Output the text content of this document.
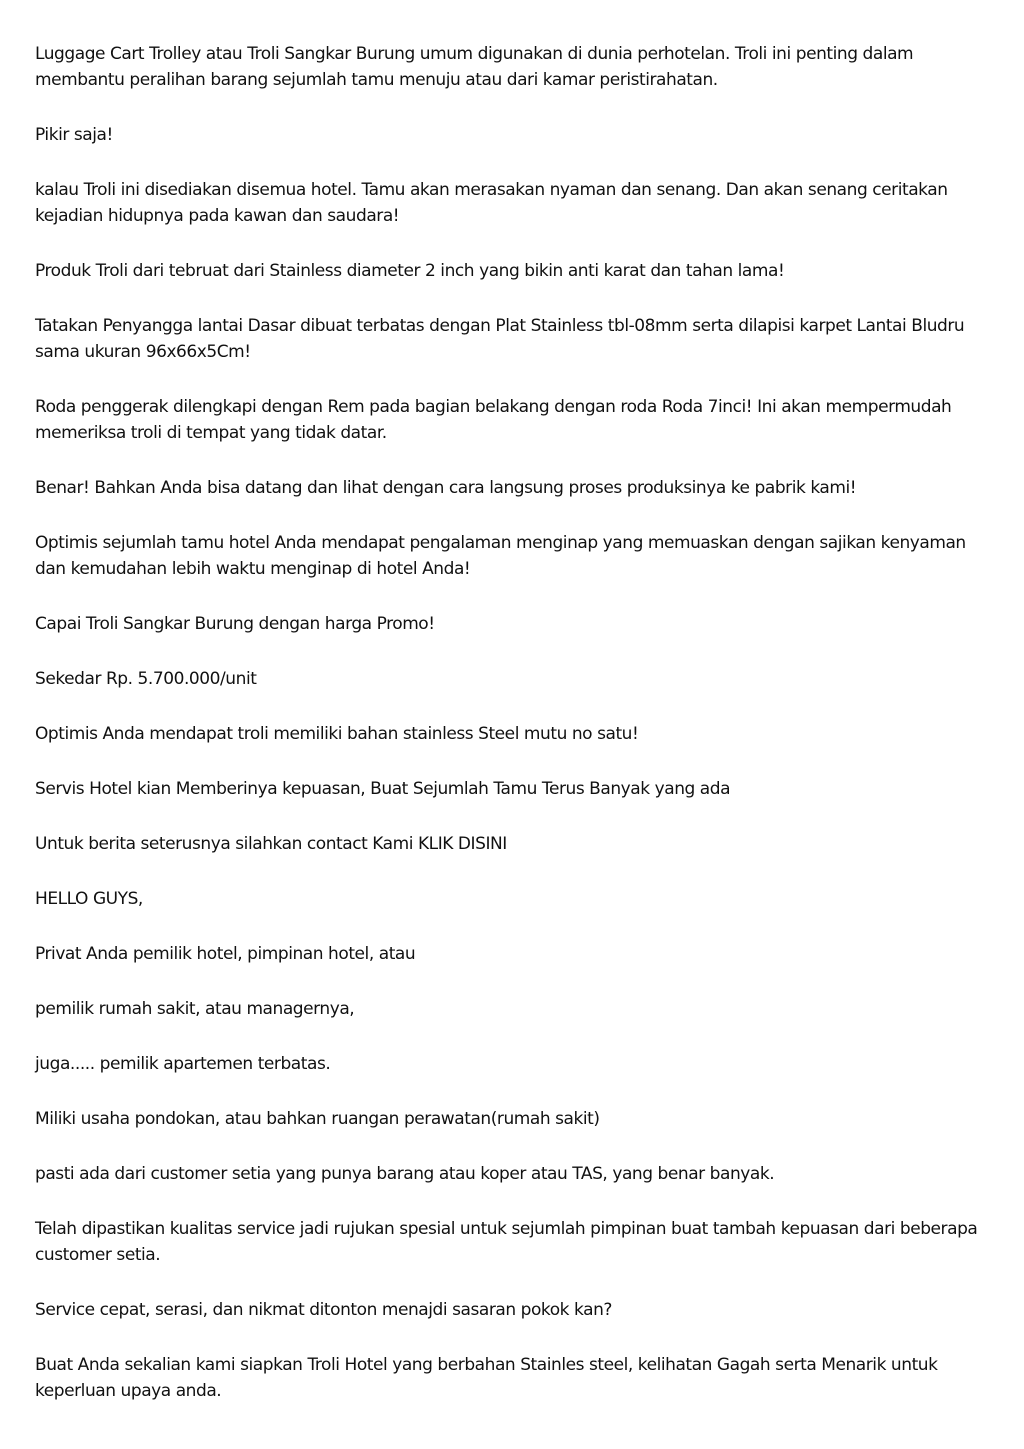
Luggage Cart Trolley atau Troli Sangkar Burung umum digunakan di dunia perhotelan. Troli ini penting dalam membantu peralihan barang sejumlah tamu menuju atau dari kamar peristirahatan.

Pikir saja!

kalau Troli ini disediakan disemua hotel. Tamu akan merasakan nyaman dan senang. Dan akan senang ceritakan kejadian hidupnya pada kawan dan saudara!

Produk Troli dari tebruat dari Stainless diameter 2 inch yang bikin anti karat dan tahan lama!

Tatakan Penyangga lantai Dasar dibuat terbatas dengan Plat Stainless tbl-08mm serta dilapisi karpet Lantai Bludru sama ukuran 96x66x5Cm!

Roda penggerak dilengkapi dengan Rem pada bagian belakang dengan roda Roda 7inci! Ini akan mempermudah memeriksa troli di tempat yang tidak datar.

Benar! Bahkan Anda bisa datang dan lihat dengan cara langsung proses produksinya ke pabrik kami!

Optimis sejumlah tamu hotel Anda mendapat pengalaman menginap yang memuaskan dengan sajikan kenyaman dan kemudahan lebih waktu menginap di hotel Anda!

Capai Troli Sangkar Burung dengan harga Promo!

Sekedar Rp. 5.700.000/unit

Optimis Anda mendapat troli memiliki bahan stainless Steel mutu no satu!

Servis Hotel kian Memberinya kepuasan, Buat Sejumlah Tamu Terus Banyak yang ada

Untuk berita seterusnya silahkan contact Kami KLIK DISINI

HELLO GUYS,

Privat Anda pemilik hotel, pimpinan hotel, atau

pemilik rumah sakit, atau managernya,

juga..... pemilik apartemen terbatas.

Miliki usaha pondokan, atau bahkan ruangan perawatan(rumah sakit)

pasti ada dari customer setia yang punya barang atau koper atau TAS, yang benar banyak.

Telah dipastikan kualitas service jadi rujukan spesial untuk sejumlah pimpinan buat tambah kepuasan dari beberapa customer setia.

Service cepat, serasi, dan nikmat ditonton menajdi sasaran pokok kan?

Buat Anda sekalian kami siapkan Troli Hotel yang berbahan Stainles steel, kelihatan Gagah serta Menarik untuk keperluan upaya anda.
